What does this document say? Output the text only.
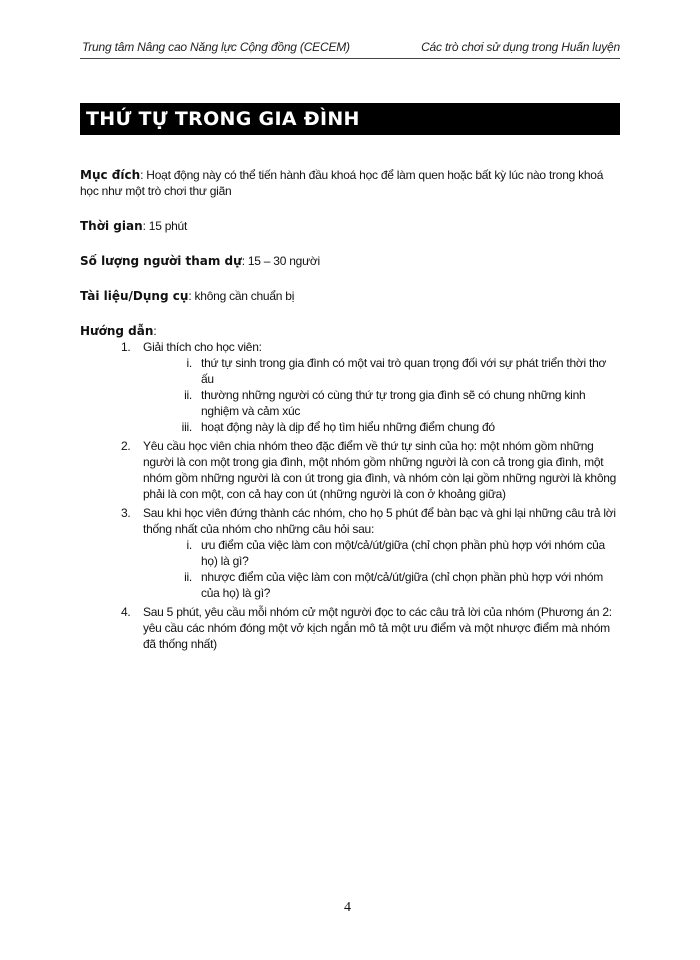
Trung tâm Nâng cao Năng lực Cộng đồng (CECEM)	Các trò chơi sử dụng trong Huấn luyện
THỨ TỰ TRONG GIA ĐÌNH
Mục đích: Hoạt động này có thể tiến hành đầu khoá học để làm quen hoặc bất kỳ lúc nào trong khoá học như một trò chơi thư giãn
Thời gian: 15 phút
Số lượng người tham dự: 15 – 30 người
Tài liệu/Dụng cụ: không cần chuẩn bị
Hướng dẫn:
1.	Giải thích cho học viên:
i. thứ tự sinh trong gia đình có một vai trò quan trọng đối với sự phát triển thời thơ ấu
ii. thường những người có cùng thứ tự trong gia đình sẽ có chung những kinh nghiệm và cảm xúc
iii. hoạt động này là dịp để họ tìm hiểu những điểm chung đó
2.	Yêu cầu học viên chia nhóm theo đặc điểm về thứ tự sinh của họ: một nhóm gồm những người là con một trong gia đình, một nhóm gồm những người là con cả trong gia đình, một nhóm gồm những người là con út trong gia đình, và nhóm còn lại gồm những người là không phải là con một, con cả hay con út (những người là con ở khoảng giữa)
3.	Sau khi học viên đứng thành các nhóm, cho họ 5 phút để bàn bạc và ghi lại những câu trả lời thống nhất của nhóm cho những câu hỏi sau:
i. ưu điểm của việc làm con một/cả/út/giữa (chỉ chọn phần phù hợp với nhóm của họ) là gì?
ii. nhược điểm của việc làm con một/cả/út/giữa (chỉ chọn phần phù hợp với nhóm của họ) là gì?
4.	Sau 5 phút, yêu cầu mỗi nhóm cử một người đọc to các câu trả lời của nhóm (Phương án 2: yêu cầu các nhóm đóng một vở kịch ngắn mô tả một ưu điểm và một nhược điểm mà nhóm đã thống nhất)
4
